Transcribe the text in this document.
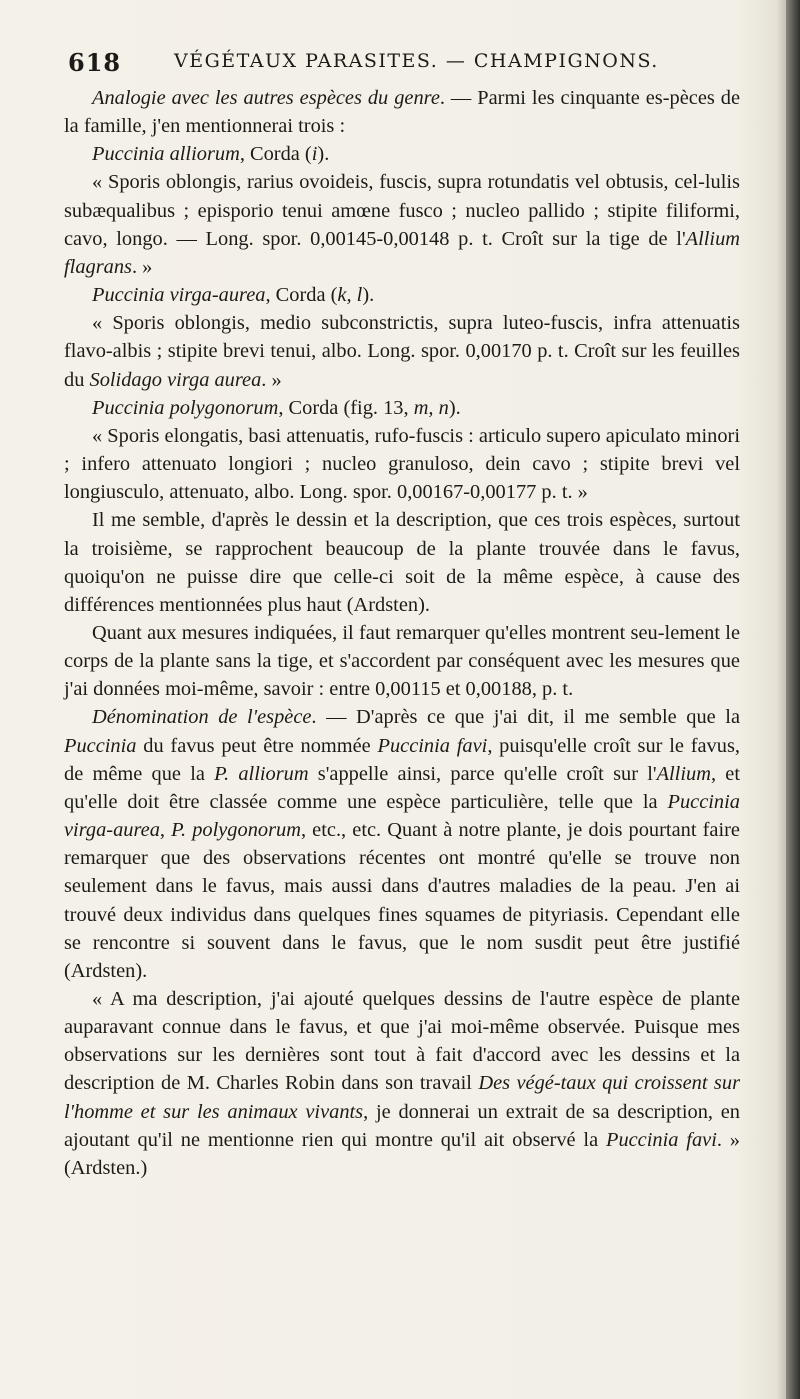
618	VÉGÉTAUX PARASITES. — CHAMPIGNONS.

Analogie avec les autres espèces du genre. — Parmi les cinquante es-pèces de la famille, j'en mentionnerai trois :

Puccinia alliorum, Corda (i).

« Sporis oblongis, rarius ovoideis, fuscis, supra rotundatis vel obtusis, cel-lulis subæqualibus ; episporio tenui amœne fusco ; nucleo pallido ; stipite filiformi, cavo, longo. — Long. spor. 0,00145-0,00148 p. t. Croît sur la tige de l'Allium flagrans. »

Puccinia virga-aurea, Corda (k, l).

« Sporis oblongis, medio subconstrictis, supra luteo-fuscis, infra attenuatis flavo-albis ; stipite brevi tenui, albo. Long. spor. 0,00170 p. t. Croît sur les feuilles du Solidago virga aurea. »

Puccinia polygonorum, Corda (fig. 13, m, n).

« Sporis elongatis, basi attenuatis, rufo-fuscis : articulo supero apiculato minori ; infero attenuato longiori ; nucleo granuloso, dein cavo ; stipite brevi vel longiusculo, attenuato, albo. Long. spor. 0,00167-0,00177 p. t. »

Il me semble, d'après le dessin et la description, que ces trois espèces, surtout la troisième, se rapprochent beaucoup de la plante trouvée dans le favus, quoiqu'on ne puisse dire que celle-ci soit de la même espèce, à cause des différences mentionnées plus haut (Ardsten).

Quant aux mesures indiquées, il faut remarquer qu'elles montrent seu-lement le corps de la plante sans la tige, et s'accordent par conséquent avec les mesures que j'ai données moi-même, savoir : entre 0,00115 et 0,00188, p. t.

Dénomination de l'espèce. — D'après ce que j'ai dit, il me semble que la Puccinia du favus peut être nommée Puccinia favi, puisqu'elle croît sur le favus, de même que la P. alliorum s'appelle ainsi, parce qu'elle croît sur l'Allium, et qu'elle doit être classée comme une espèce particulière, telle que la Puccinia virga-aurea, P. polygonorum, etc., etc. Quant à notre plante, je dois pourtant faire remarquer que des observations récentes ont montré qu'elle se trouve non seulement dans le favus, mais aussi dans d'autres maladies de la peau. J'en ai trouvé deux individus dans quelques fines squames de pityriasis. Cependant elle se rencontre si souvent dans le favus, que le nom susdit peut être justifié (Ardsten).

« A ma description, j'ai ajouté quelques dessins de l'autre espèce de plante auparavant connue dans le favus, et que j'ai moi-même observée. Puisque mes observations sur les dernières sont tout à fait d'accord avec les dessins et la description de M. Charles Robin dans son travail Des végé-taux qui croissent sur l'homme et sur les animaux vivants, je donnerai un extrait de sa description, en ajoutant qu'il ne mentionne rien qui montre qu'il ait observé la Puccinia favi. » (Ardsten.)
